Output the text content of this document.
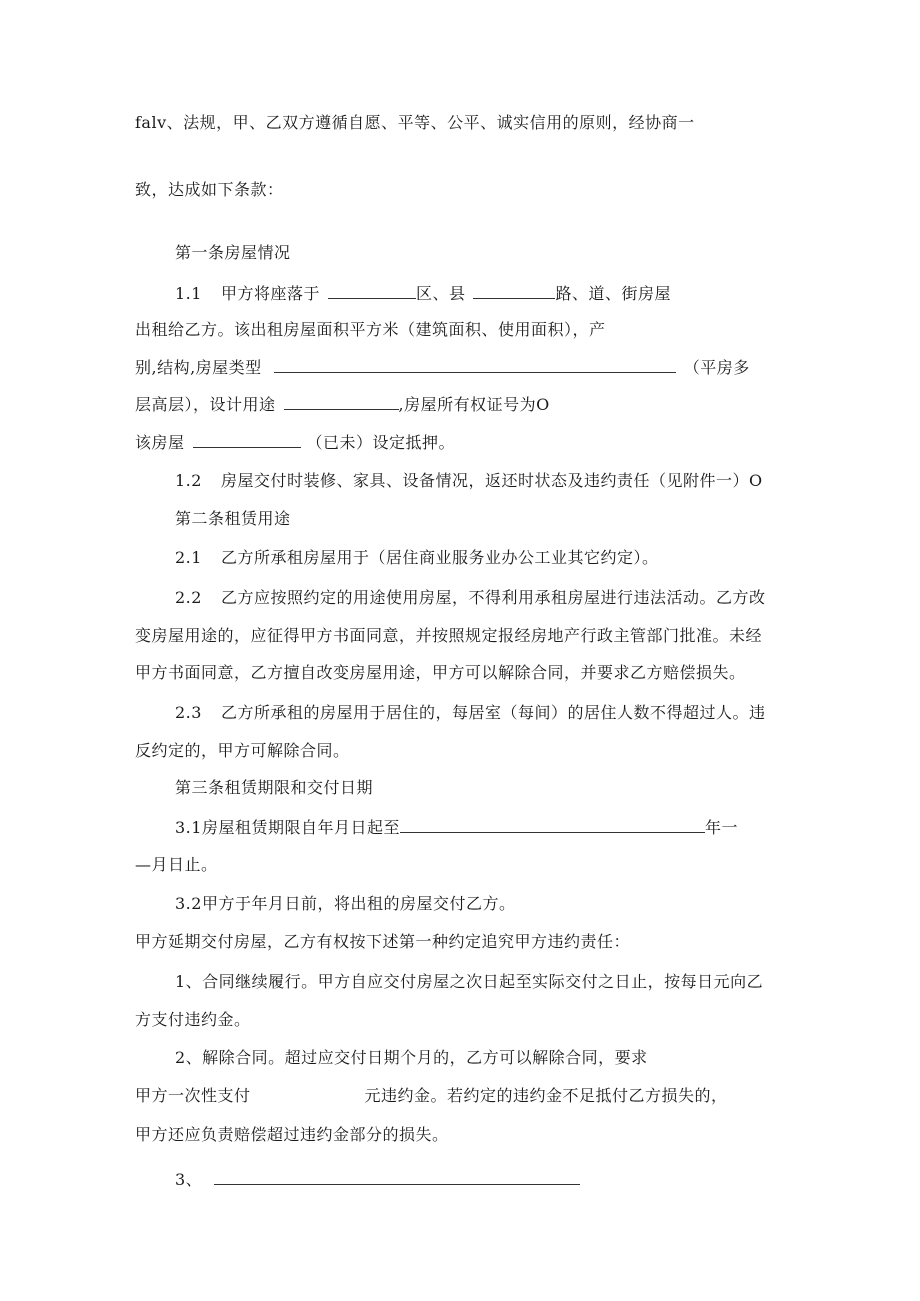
falv、法规，甲、乙双方遵循自愿、平等、公平、诚实信用的原则，经协商一
致，达成如下条款：
第一条房屋情况
1.1 甲方将座落于	区、县	路、道、街房屋
出租给乙方。该出租房屋面积平方米（建筑面积、使用面积），产
别,结构,房屋类型	（平房多
层高层），设计用途	,房屋所有权证号为O
该房屋	（已未）设定抵押。
1.2 房屋交付时装修、家具、设备情况，返还时状态及违约责任（见附件一）O
第二条租赁用途
2.1 乙方所承租房屋用于（居住商业服务业办公工业其它约定）。
2.2 乙方应按照约定的用途使用房屋，不得利用承租房屋进行违法活动。乙方改
变房屋用途的，应征得甲方书面同意，并按照规定报经房地产行政主管部门批准。未经
甲方书面同意，乙方擅自改变房屋用途，甲方可以解除合同，并要求乙方赔偿损失。
2.3 乙方所承租的房屋用于居住的，每居室（每间）的居住人数不得超过人。违
反约定的，甲方可解除合同。
第三条租赁期限和交付日期
3.1房屋租赁期限自年月日起至	年一
—月日止。
3.2甲方于年月日前，将出租的房屋交付乙方。
甲方延期交付房屋，乙方有权按下述第一种约定追究甲方违约责任：
1、合同继续履行。甲方自应交付房屋之次日起至实际交付之日止，按每日元向乙
方支付违约金。
2、解除合同。超过应交付日期个月的，乙方可以解除合同，要求
甲方一次性支付	元违约金。若约定的违约金不足抵付乙方损失的，
甲方还应负责赔偿超过违约金部分的损失。
3、
